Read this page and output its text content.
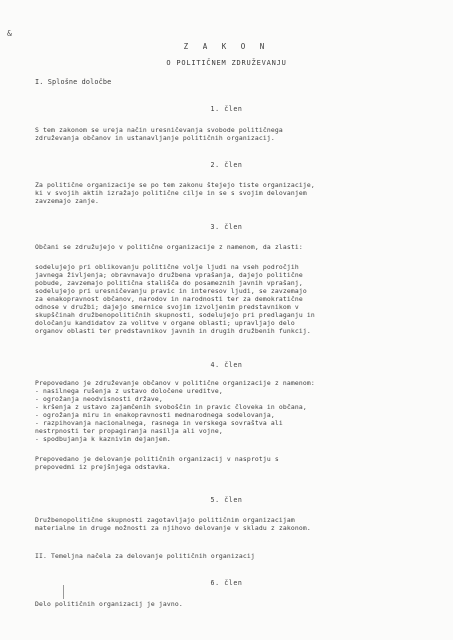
&
Z A K O N
O POLITIČNEM ZDRUŽEVANJU
I. Splošne določbe
1. člen
S tem zakonom se ureja način uresničevanja svobode političnega
združevanja občanov in ustanavljanje političnih organizacij.
2. člen
Za politične organizacije se po tem zakonu štejejo tiste organizacije,
ki v svojih aktih izražajo politične cilje in se s svojim delovanjem
zavzemajo zanje.
3. člen
Občani se združujejo v politične organizacije z namenom, da zlasti:
sodelujejo pri oblikovanju politične volje ljudi na vseh področjih
javnega življenja; obravnavajo družbena vprašanja, dajejo politične
pobude, zavzemajo politična stališča do posameznih javnih vprašanj,
sodelujejo pri uresničevanju pravic in interesov ljudi, se zavzemajo
za enakopravnost občanov, narodov in narodnosti ter za demokratične
odnose v družbi; dajejo smernice svojim izvoljenim predstavnikom v
skupščinah družbenopolitičnih skupnosti, sodelujejo pri predlaganju in
določanju kandidatov za volitve v organe oblasti; upravljajo delo
organov oblasti ter predstavnikov javnih in drugih družbenih funkcij.
4. člen
Prepovedano je združevanje občanov v politične organizacije z namenom:
- nasilnega rušenja z ustavo določene ureditve,
- ogrožanja neodvisnosti države,
- kršenja z ustavo zajamčenih svoboščin in pravic človeka in občana,
- ogrožanja miru in enakopravnosti mednarodnega sodelovanja,
- razpihovanja nacionalnega, rasnega in verskega sovraštva ali
nestrpnosti ter propagiranja nasilja ali vojne,
- spodbujanja k kaznivim dejanjem.
Prepovedano je delovanje političnih organizacij v nasprotju s
prepovedmi iz prejšnjega odstavka.
5. člen
Družbenopolitične skupnosti zagotavljajo političnim organizacijam
materialne in druge možnosti za njihovo delovanje v skladu z zakonom.
II. Temeljna načela za delovanje političnih organizacij
6. člen
Delo političnih organizacij je javno.
